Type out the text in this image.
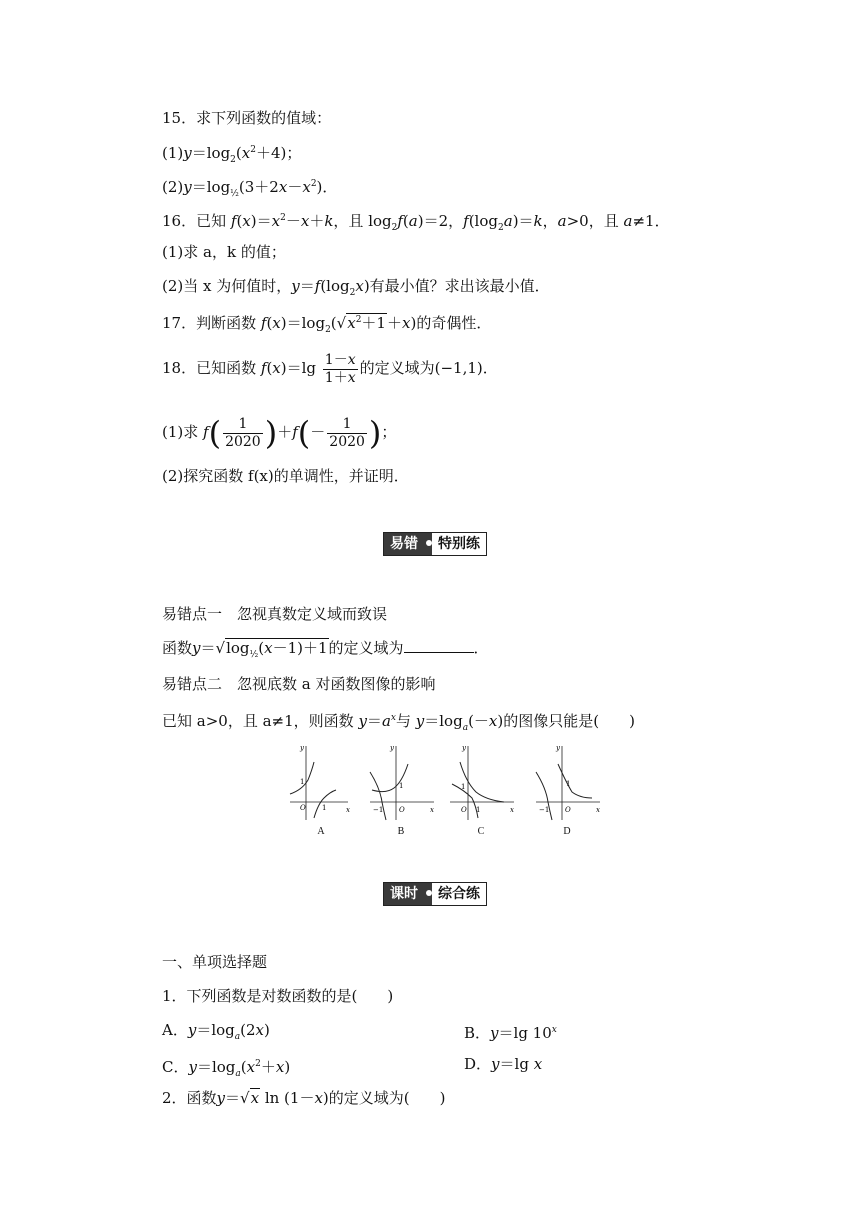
15．求下列函数的值域：
$(1)y=\log_2(x^2+4)$；
$(2)y=\log_{\frac{1}{2}}(3+2x-x^2)$．
16．已知 $f(x)=x^2-x+k$，且 $\log_2f(a)=2$，$f(\log_2a)=k$，a>0，且 a≠1．
(1)求 a，k 的值；
(2)当 x 为何值时，$y=f(\log_2x)$有最小值？求出该最小值．
17．判断函数 $f(x)=\log_2(√x^2+1+x)$的奇偶性．
18．已知函数 $f(x)=\lg \frac{1-x}{1+x}$ 的定义域为(−1,1)．
(1)求 $f( \frac{1}{2020} )+f(- \frac{1}{2020}$ )；
(2)探究函数 f(x)的单调性，并证明．
易错	特别练
易错点一　忽视真数定义域而致误
函数$y=√\log_{\frac{1}{2}}(x-1)+1$的定义域为	．
易错点二　忽视底数 a 对函数图像的影响
已知 a>0，且 a≠1，则函数 $y=a^x$与 $y=\log_a(-x)$的图像只能是(　　)
y
x
1
O 1
A
y
x
1
−1 O
B
y
x
1
O 1
C
y
x
1
−1 O
D
课时	综合练
一、单项选择题
1．下列函数是对数函数的是(　　)
A．$y=\log_a(2x)$	B．y＝lg 10$^x$
C．$y=\log_a(x^2+x)$	D．y＝lg x
2．函数y＝√x ln (1－x)的定义域为(　　)
